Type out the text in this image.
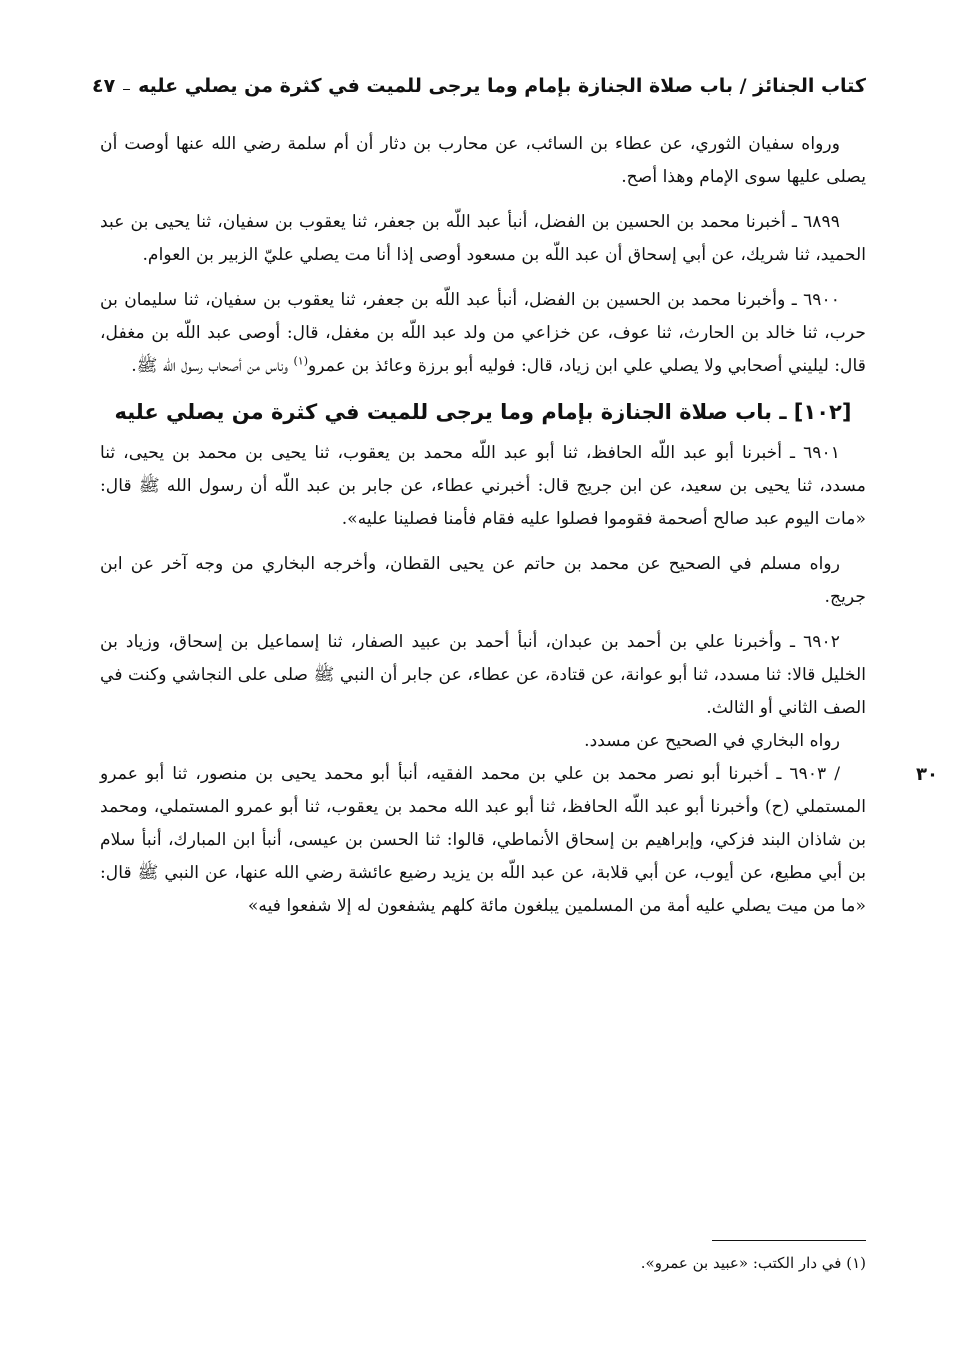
كتاب الجنائز / باب صلاة الجنازة بإمام وما يرجى للميت في كثرة من يصلي عليه
٤٧

ورواه سفيان الثوري، عن عطاء بن السائب، عن محارب بن دثار أن أم سلمة رضي الله عنها أوصت أن يصلى عليها سوى الإمام وهذا أصح.

٦٨٩٩ ـ أخبرنا محمد بن الحسين بن الفضل، أنبأ عبد اللّه بن جعفر، ثنا يعقوب بن سفيان، ثنا يحيى بن عبد الحميد، ثنا شريك، عن أبي إسحاق أن عبد اللّه بن مسعود أوصى إذا أنا مت يصلي عليّ الزبير بن العوام.

٦٩٠٠ ـ وأخبرنا محمد بن الحسين بن الفضل، أنبأ عبد اللّه بن جعفر، ثنا يعقوب بن سفيان، ثنا سليمان بن حرب، ثنا خالد بن الحارث، ثنا عوف، عن خزاعي من ولد عبد اللّه بن مغفل، قال: أوصى عبد اللّه بن مغفل، قال: ليليني أصحابي ولا يصلي علي ابن زياد، قال: فوليه أبو برزة وعائذ بن عمرو$^{(١)}$ وناس من أصحاب رسول الله ﷺ.

[١٠٢] ـ باب صلاة الجنازة بإمام وما يرجى للميت في كثرة من يصلي عليه

٦٩٠١ ـ أخبرنا أبو عبد اللّه الحافظ، ثنا أبو عبد اللّه محمد بن يعقوب، ثنا يحيى بن محمد بن يحيى، ثنا مسدد، ثنا يحيى بن سعيد، عن ابن جريج قال: أخبرني عطاء، عن جابر بن عبد اللّه أن رسول الله ﷺ قال: «مات اليوم عبد صالح أصحمة فقوموا فصلوا عليه فقام فأمنا فصلينا عليه».

رواه مسلم في الصحيح عن محمد بن حاتم عن يحيى القطان، وأخرجه البخاري من وجه آخر عن ابن جريج.

٦٩٠٢ ـ وأخبرنا علي بن أحمد بن عبدان، أنبأ أحمد بن عبيد الصفار، ثنا إسماعيل بن إسحاق، وزياد بن الخليل قالا: ثنا مسدد، ثنا أبو عوانة، عن قتادة، عن عطاء، عن جابر أن النبي ﷺ صلى على النجاشي وكنت في الصف الثاني أو الثالث.

رواه البخاري في الصحيح عن مسدد.

٣٠

/ ٦٩٠٣ ـ أخبرنا أبو نصر محمد بن علي بن محمد الفقيه، أنبأ أبو محمد يحيى بن منصور، ثنا أبو عمرو المستملي (ح) وأخبرنا أبو عبد اللّه الحافظ، ثنا أبو عبد الله محمد بن يعقوب، ثنا أبو عمرو المستملي، ومحمد بن شاذان البند فزكي، وإبراهيم بن إسحاق الأنماطي، قالوا: ثنا الحسن بن عيسى، أنبأ ابن المبارك، أنبأ سلام بن أبي مطيع، عن أيوب، عن أبي قلابة، عن عبد اللّه بن يزيد رضيع عائشة رضي الله عنها، عن النبي ﷺ قال: «ما من ميت يصلي عليه أمة من المسلمين يبلغون مائة كلهم يشفعون له إلا شفعوا فيه»

(١) في دار الكتب: «عبيد بن عمرو».
